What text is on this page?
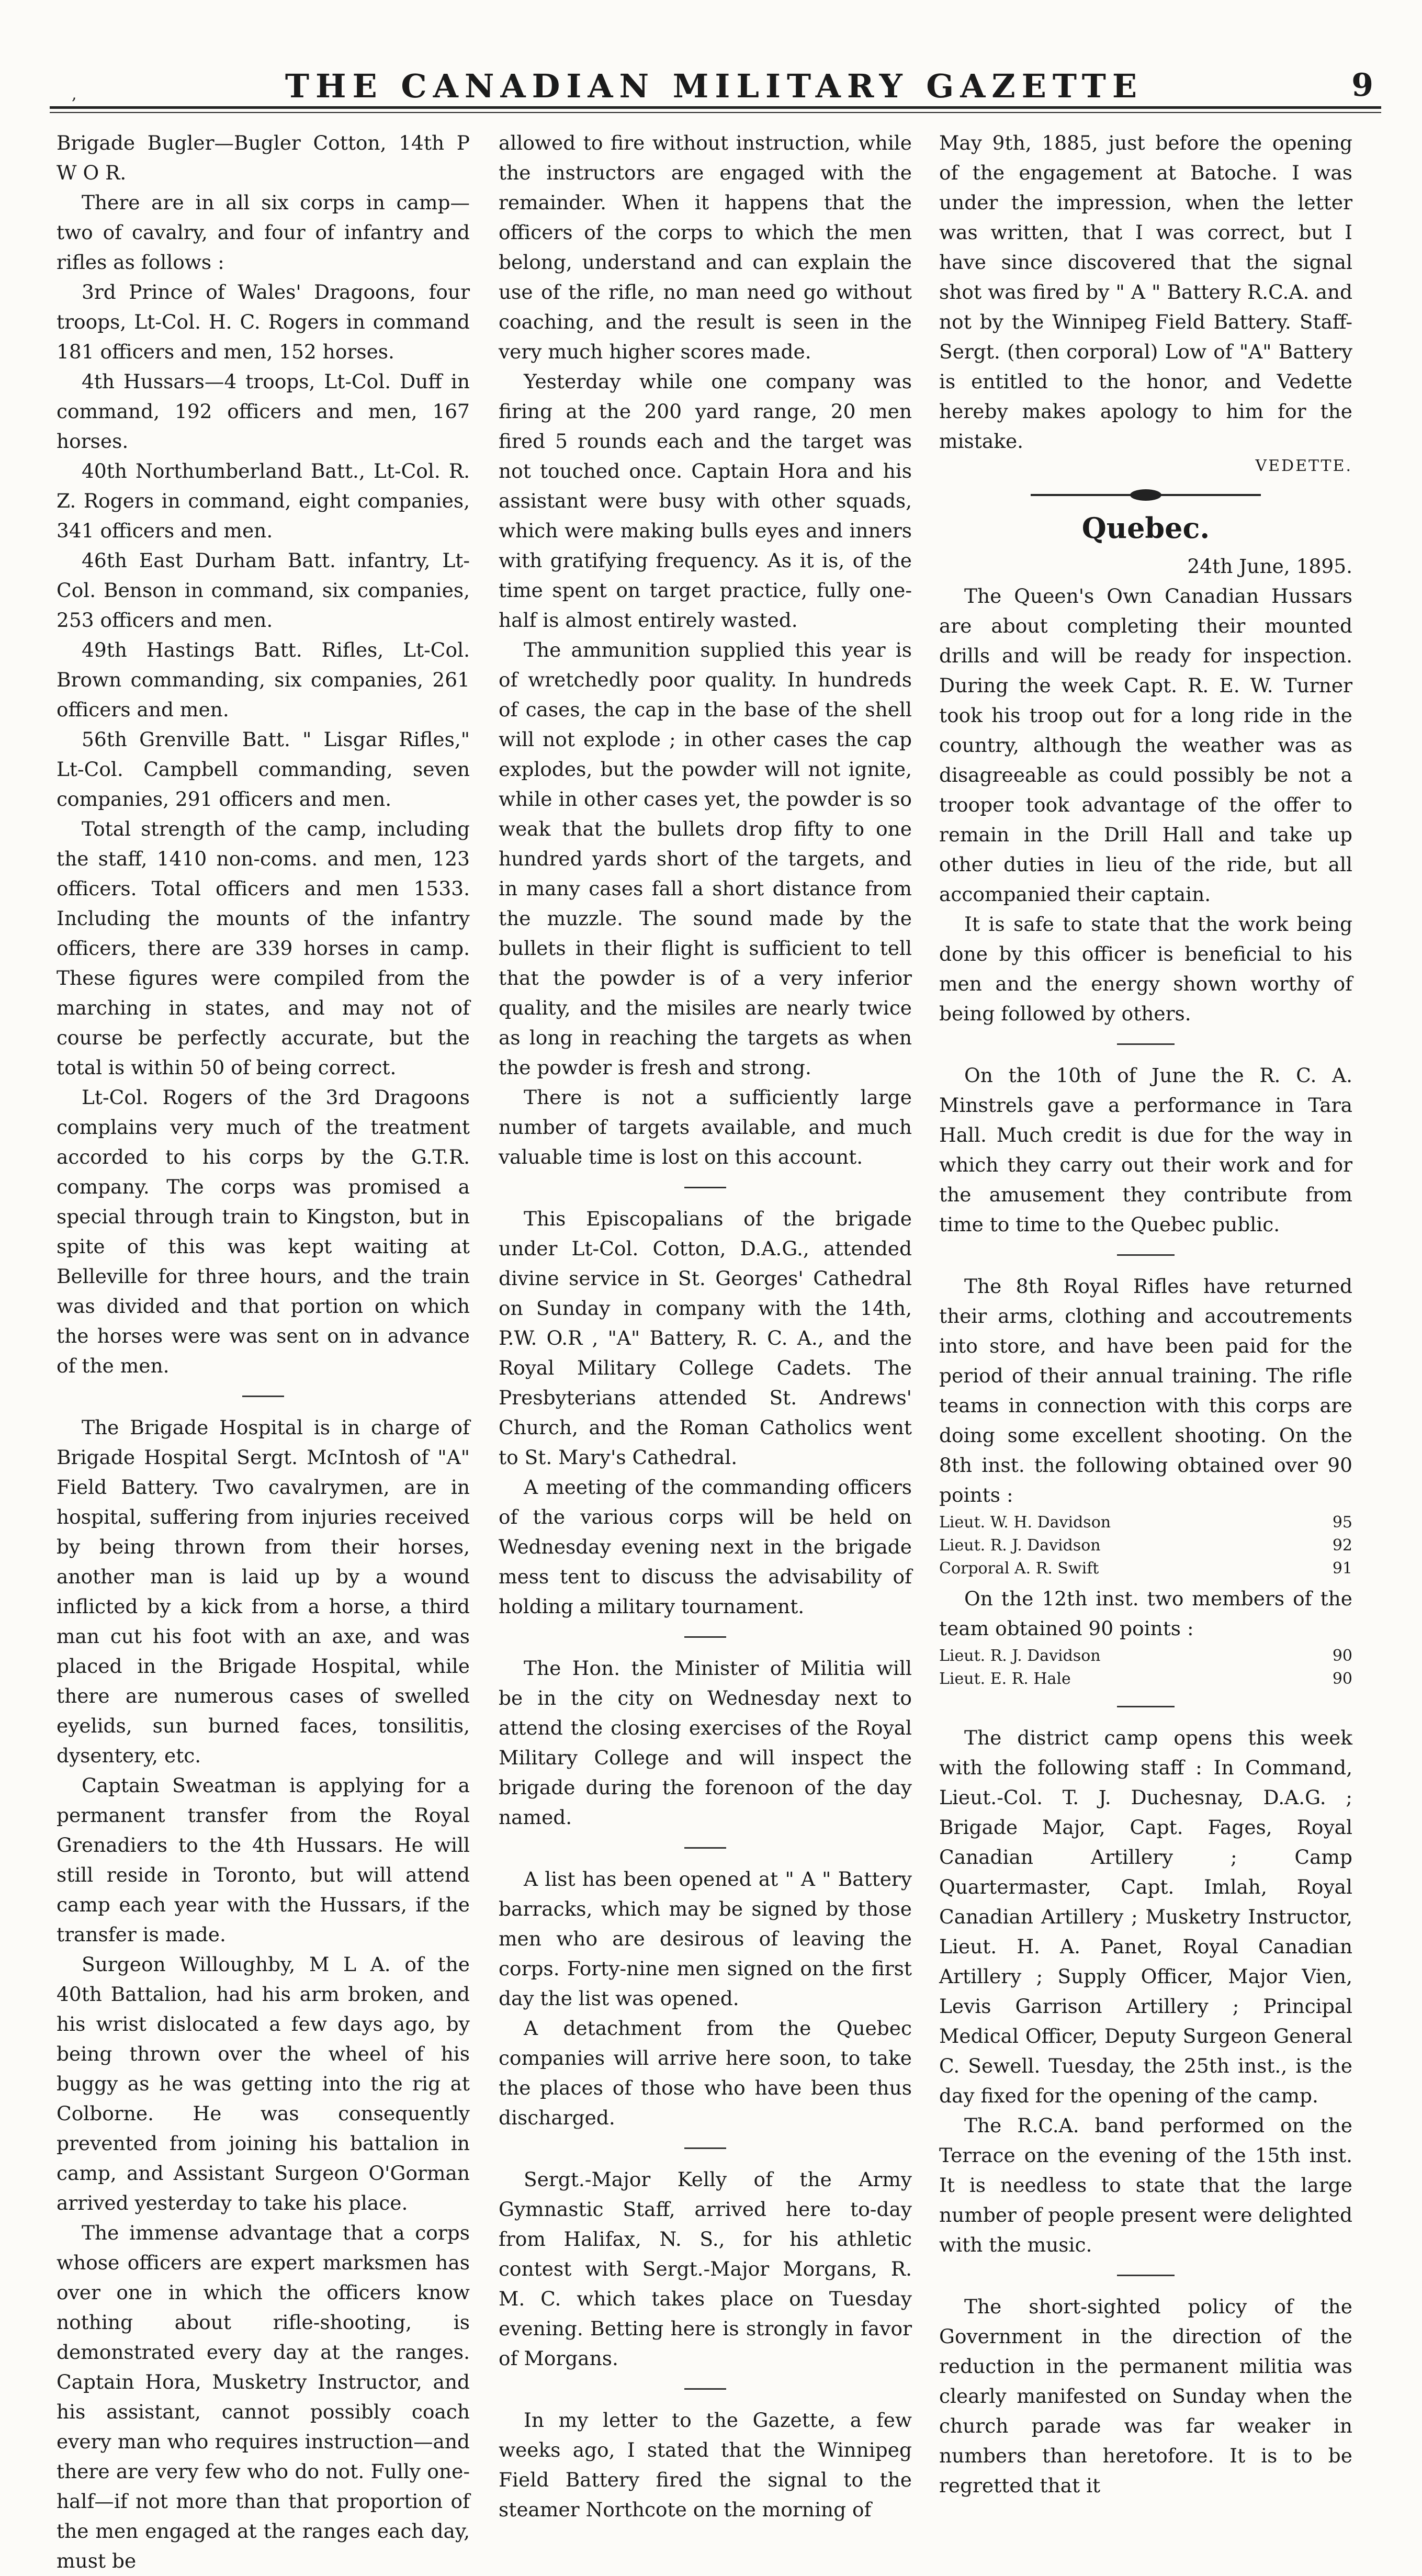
,	THE CANADIAN MILITARY GAZETTE	9

Brigade Bugler—Bugler Cotton, 14th P W O R.

There are in all six corps in camp—two of cavalry, and four of infantry and rifles as follows :

3rd Prince of Wales' Dragoons, four troops, Lt-Col. H. C. Rogers in command 181 officers and men, 152 horses.

4th Hussars—4 troops, Lt-Col. Duff in command, 192 officers and men, 167 horses.

40th Northumberland Batt., Lt-Col. R. Z. Rogers in command, eight companies, 341 officers and men.

46th East Durham Batt. infantry, Lt-Col. Benson in command, six companies, 253 officers and men.

49th Hastings Batt. Rifles, Lt-Col. Brown commanding, six companies, 261 officers and men.

56th Grenville Batt. " Lisgar Rifles," Lt-Col. Campbell commanding, seven companies, 291 officers and men.

Total strength of the camp, including the staff, 1410 non-coms. and men, 123 officers. Total officers and men 1533. Including the mounts of the infantry officers, there are 339 horses in camp. These figures were compiled from the marching in states, and may not of course be perfectly accurate, but the total is within 50 of being correct.

Lt-Col. Rogers of the 3rd Dragoons complains very much of the treatment accorded to his corps by the G.T.R. company. The corps was promised a special through train to Kingston, but in spite of this was kept waiting at Belleville for three hours, and the train was divided and that portion on which the horses were was sent on in advance of the men.

The Brigade Hospital is in charge of Brigade Hospital Sergt. McIntosh of "A" Field Battery. Two cavalrymen, are in hospital, suffering from injuries received by being thrown from their horses, another man is laid up by a wound inflicted by a kick from a horse, a third man cut his foot with an axe, and was placed in the Brigade Hospital, while there are numerous cases of swelled eyelids, sun burned faces, tonsilitis, dysentery, etc.

Captain Sweatman is applying for a permanent transfer from the Royal Grenadiers to the 4th Hussars. He will still reside in Toronto, but will attend camp each year with the Hussars, if the transfer is made.

Surgeon Willoughby, M L A. of the 40th Battalion, had his arm broken, and his wrist dislocated a few days ago, by being thrown over the wheel of his buggy as he was getting into the rig at Colborne. He was consequently prevented from joining his battalion in camp, and Assistant Surgeon O'Gorman arrived yesterday to take his place.

The immense advantage that a corps whose officers are expert marksmen has over one in which the officers know nothing about rifle-shooting, is demonstrated every day at the ranges. Captain Hora, Musketry Instructor, and his assistant, cannot possibly coach every man who requires instruction—and there are very few who do not. Fully one-half—if not more than that proportion of the men engaged at the ranges each day, must be

allowed to fire without instruction, while the instructors are engaged with the remainder. When it happens that the officers of the corps to which the men belong, understand and can explain the use of the rifle, no man need go without coaching, and the result is seen in the very much higher scores made.

Yesterday while one company was firing at the 200 yard range, 20 men fired 5 rounds each and the target was not touched once. Captain Hora and his assistant were busy with other squads, which were making bulls eyes and inners with gratifying frequency. As it is, of the time spent on target practice, fully one-half is almost entirely wasted.

The ammunition supplied this year is of wretchedly poor quality. In hundreds of cases, the cap in the base of the shell will not explode ; in other cases the cap explodes, but the powder will not ignite, while in other cases yet, the powder is so weak that the bullets drop fifty to one hundred yards short of the targets, and in many cases fall a short distance from the muzzle. The sound made by the bullets in their flight is sufficient to tell that the powder is of a very inferior quality, and the misiles are nearly twice as long in reaching the targets as when the powder is fresh and strong.

There is not a sufficiently large number of targets available, and much valuable time is lost on this account.

This Episcopalians of the brigade under Lt-Col. Cotton, D.A.G., attended divine service in St. Georges' Cathedral on Sunday in company with the 14th, P.W. O.R , "A" Battery, R. C. A., and the Royal Military College Cadets. The Presbyterians attended St. Andrews' Church, and the Roman Catholics went to St. Mary's Cathedral.

A meeting of the commanding officers of the various corps will be held on Wednesday evening next in the brigade mess tent to discuss the advisability of holding a military tournament.

The Hon. the Minister of Militia will be in the city on Wednesday next to attend the closing exercises of the Royal Military College and will inspect the brigade during the forenoon of the day named.

A list has been opened at " A " Battery barracks, which may be signed by those men who are desirous of leaving the corps. Forty-nine men signed on the first day the list was opened.

A detachment from the Quebec companies will arrive here soon, to take the places of those who have been thus discharged.

Sergt.-Major Kelly of the Army Gymnastic Staff, arrived here to-day from Halifax, N. S., for his athletic contest with Sergt.-Major Morgans, R. M. C. which takes place on Tuesday evening. Betting here is strongly in favor of Morgans.

In my letter to the Gazette, a few weeks ago, I stated that the Winnipeg Field Battery fired the signal to the steamer Northcote on the morning of

May 9th, 1885, just before the opening of the engagement at Batoche. I was under the impression, when the letter was written, that I was correct, but I have since discovered that the signal shot was fired by " A " Battery R.C.A. and not by the Winnipeg Field Battery. Staff-Sergt. (then corporal) Low of "A" Battery is entitled to the honor, and Vedette hereby makes apology to him for the mistake.

VEDETTE.
Quebec.

24th June, 1895.

The Queen's Own Canadian Hussars are about completing their mounted drills and will be ready for inspection. During the week Capt. R. E. W. Turner took his troop out for a long ride in the country, although the weather was as disagreeable as could possibly be not a trooper took advantage of the offer to remain in the Drill Hall and take up other duties in lieu of the ride, but all accompanied their captain.

It is safe to state that the work being done by this officer is beneficial to his men and the energy shown worthy of being followed by others.

On the 10th of June the R. C. A. Minstrels gave a performance in Tara Hall. Much credit is due for the way in which they carry out their work and for the amusement they contribute from time to time to the Quebec public.

The 8th Royal Rifles have returned their arms, clothing and accoutrements into store, and have been paid for the period of their annual training. The rifle teams in connection with this corps are doing some excellent shooting. On the 8th inst. the following obtained over 90 points :

Lieut. W. H. Davidson	95
Lieut. R. J. Davidson	92
Corporal A. R. Swift	91

On the 12th inst. two members of the team obtained 90 points :

Lieut. R. J. Davidson	90
Lieut. E. R. Hale	90

The district camp opens this week with the following staff : In Command, Lieut.-Col. T. J. Duchesnay, D.A.G. ; Brigade Major, Capt. Fages, Royal Canadian Artillery ; Camp Quartermaster, Capt. Imlah, Royal Canadian Artillery ; Musketry Instructor, Lieut. H. A. Panet, Royal Canadian Artillery ; Supply Officer, Major Vien, Levis Garrison Artillery ; Principal Medical Officer, Deputy Surgeon General C. Sewell. Tuesday, the 25th inst., is the day fixed for the opening of the camp.

The R.C.A. band performed on the Terrace on the evening of the 15th inst. It is needless to state that the large number of people present were delighted with the music.

The short-sighted policy of the Government in the direction of the reduction in the permanent militia was clearly manifested on Sunday when the church parade was far weaker in numbers than heretofore. It is to be regretted that it
